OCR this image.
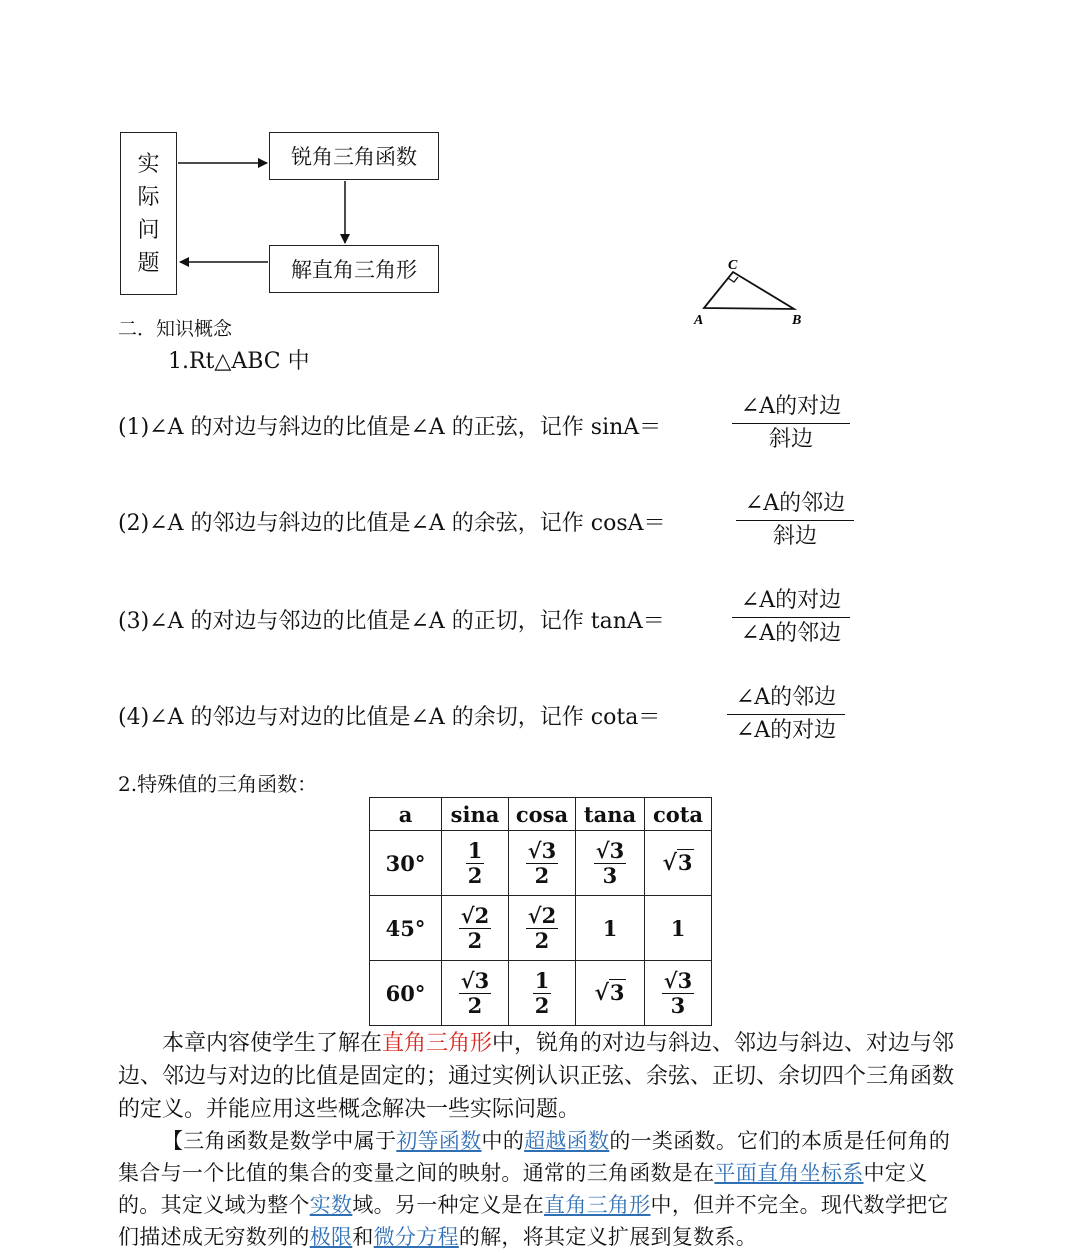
实
际
问
题
锐角三角函数
解直角三角形	C
A	B
二．知识概念
1.Rt△ABC 中
(1)∠A 的对边与斜边的比值是∠A 的正弦，记作 sinA＝
∠A的对边
斜边
(2)∠A 的邻边与斜边的比值是∠A 的余弦，记作 cosA＝
∠A的邻边
斜边
(3)∠A 的对边与邻边的比值是∠A 的正切，记作 tanA＝
∠A的对边
∠A的邻边
(4)∠A 的邻边与对边的比值是∠A 的余切，记作 cota＝
∠A的邻边
∠A的对边
2.特殊值的三角函数：
a	sina	cosa	tana	cota
30°	$\frac{1}{2}$	$\frac{√3}{2}$	$\frac{√3}{3}$	√3
45°	$\frac{√2}{2}$	$\frac{√2}{2}$	1	1
60°	$\frac{√3}{2}$	$\frac{1}{2}$	√3	$\frac{√3}{3}$
本章内容使学生了解在直角三角形中，锐角的对边与斜边、邻边与斜边、对边与邻边、邻边与对边的比值是固定的；通过实例认识正弦、余弦、正切、余切四个三角函数的定义。并能应用这些概念解决一些实际问题。
【三角函数是数学中属于初等函数中的超越函数的一类函数。它们的本质是任何角的集合与一个比值的集合的变量之间的映射。通常的三角函数是在平面直角坐标系中定义的。其定义域为整个实数域。另一种定义是在直角三角形中，但并不完全。现代数学把它们描述成无穷数列的极限和微分方程的解，将其定义扩展到复数系。
